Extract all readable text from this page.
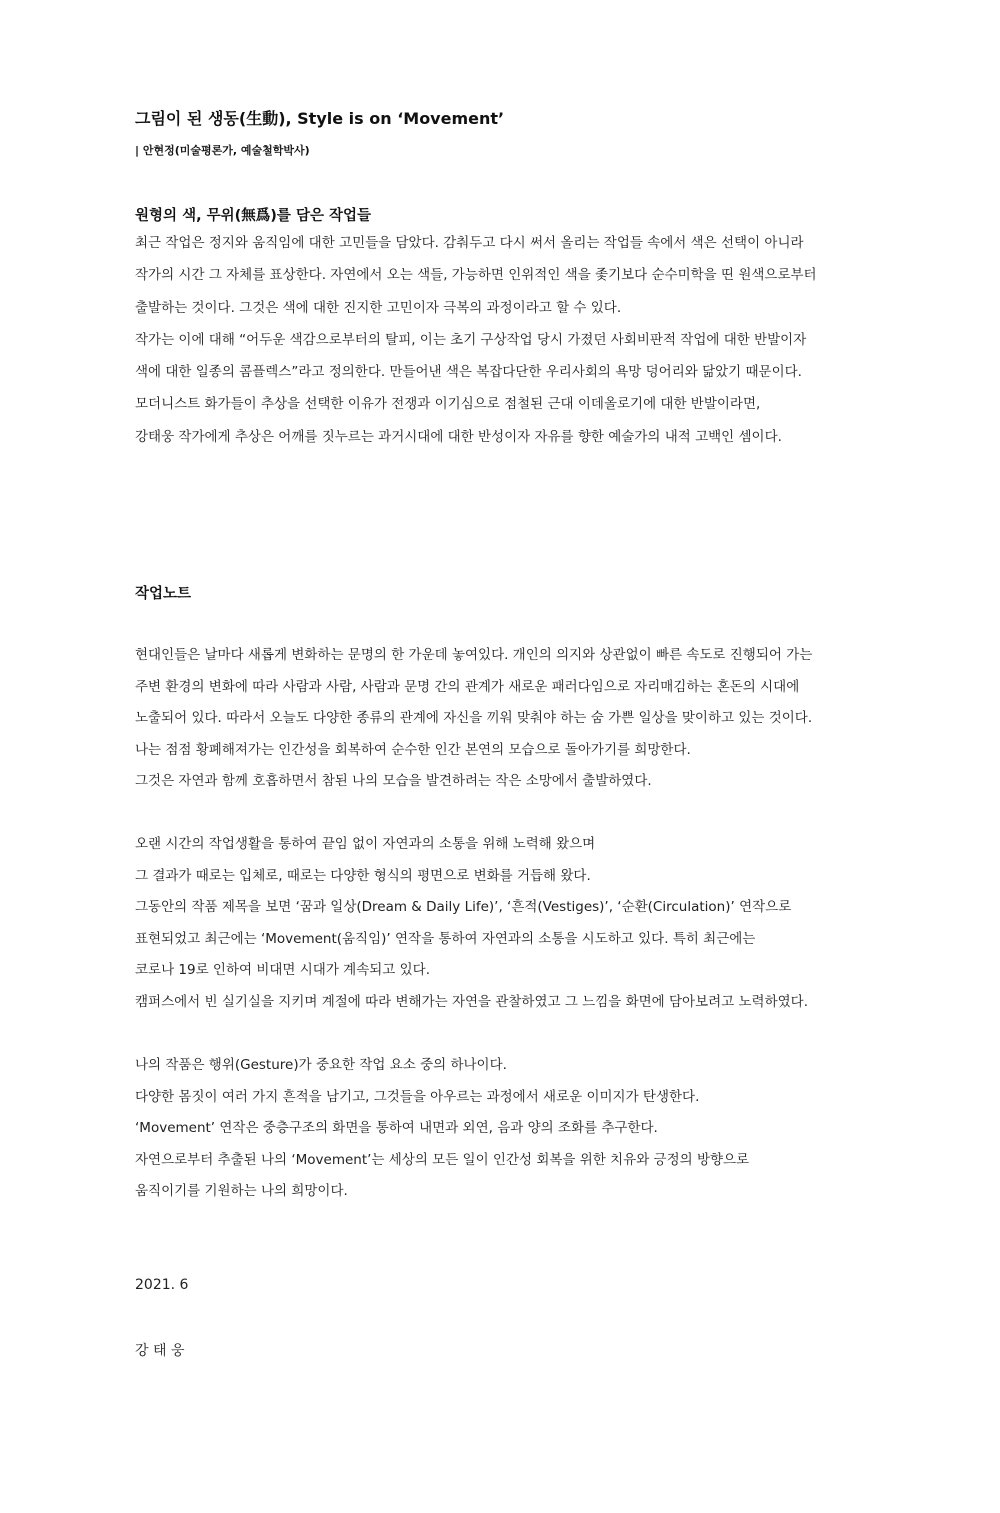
그림이 된 생동(生動), Style is on ‘Movement’
| 안현정(미술평론가, 예술철학박사)
원형의 색, 무위(無爲)를 담은 작업들
최근 작업은 정지와 움직임에 대한 고민들을 담았다. 감춰두고 다시 써서 올리는 작업들 속에서 색은 선택이 아니라
작가의 시간 그 자체를 표상한다. 자연에서 오는 색들, 가능하면 인위적인 색을 좇기보다 순수미학을 띤 원색으로부터
출발하는 것이다. 그것은 색에 대한 진지한 고민이자 극복의 과정이라고 할 수 있다.
작가는 이에 대해 “어두운 색감으로부터의 탈피, 이는 초기 구상작업 당시 가졌던 사회비판적 작업에 대한 반발이자
색에 대한 일종의 콤플렉스”라고 정의한다. 만들어낸 색은 복잡다단한 우리사회의 욕망 덩어리와 닮았기 때문이다.
모더니스트 화가들이 추상을 선택한 이유가 전쟁과 이기심으로 점철된 근대 이데올로기에 대한 반발이라면,
강태웅 작가에게 추상은 어깨를 짓누르는 과거시대에 대한 반성이자 자유를 향한 예술가의 내적 고백인 셈이다.
작업노트
현대인들은 날마다 새롭게 변화하는 문명의 한 가운데 놓여있다. 개인의 의지와 상관없이 빠른 속도로 진행되어 가는
주변 환경의 변화에 따라 사람과 사람, 사람과 문명 간의 관계가 새로운 패러다임으로 자리매김하는 혼돈의 시대에
노출되어 있다. 따라서 오늘도 다양한 종류의 관계에 자신을 끼워 맞춰야 하는 숨 가쁜 일상을 맞이하고 있는 것이다.
나는 점점 황폐해져가는 인간성을 회복하여 순수한 인간 본연의 모습으로 돌아가기를 희망한다.
그것은 자연과 함께 호흡하면서 참된 나의 모습을 발견하려는 작은 소망에서 출발하였다.
오랜 시간의 작업생활을 통하여 끝임 없이 자연과의 소통을 위해 노력해 왔으며
그 결과가 때로는 입체로, 때로는 다양한 형식의 평면으로 변화를 거듭해 왔다.
그동안의 작품 제목을 보면 ‘꿈과 일상(Dream & Daily Life)’, ‘흔적(Vestiges)’, ‘순환(Circulation)’ 연작으로
표현되었고 최근에는 ‘Movement(움직임)’ 연작을 통하여 자연과의 소통을 시도하고 있다. 특히 최근에는
코로나 19로 인하여 비대면 시대가 계속되고 있다.
캠퍼스에서 빈 실기실을 지키며 계절에 따라 변해가는 자연을 관찰하였고 그 느낌을 화면에 담아보려고 노력하였다.
나의 작품은 행위(Gesture)가 중요한 작업 요소 중의 하나이다.
다양한 몸짓이 여러 가지 흔적을 남기고, 그것들을 아우르는 과정에서 새로운 이미지가 탄생한다.
‘Movement’ 연작은 중층구조의 화면을 통하여 내면과 외연, 음과 양의 조화를 추구한다.
자연으로부터 추출된 나의 ‘Movement’는 세상의 모든 일이 인간성 회복을 위한 치유와 긍정의 방향으로
움직이기를 기원하는 나의 희망이다.
2021. 6
강 태 웅
